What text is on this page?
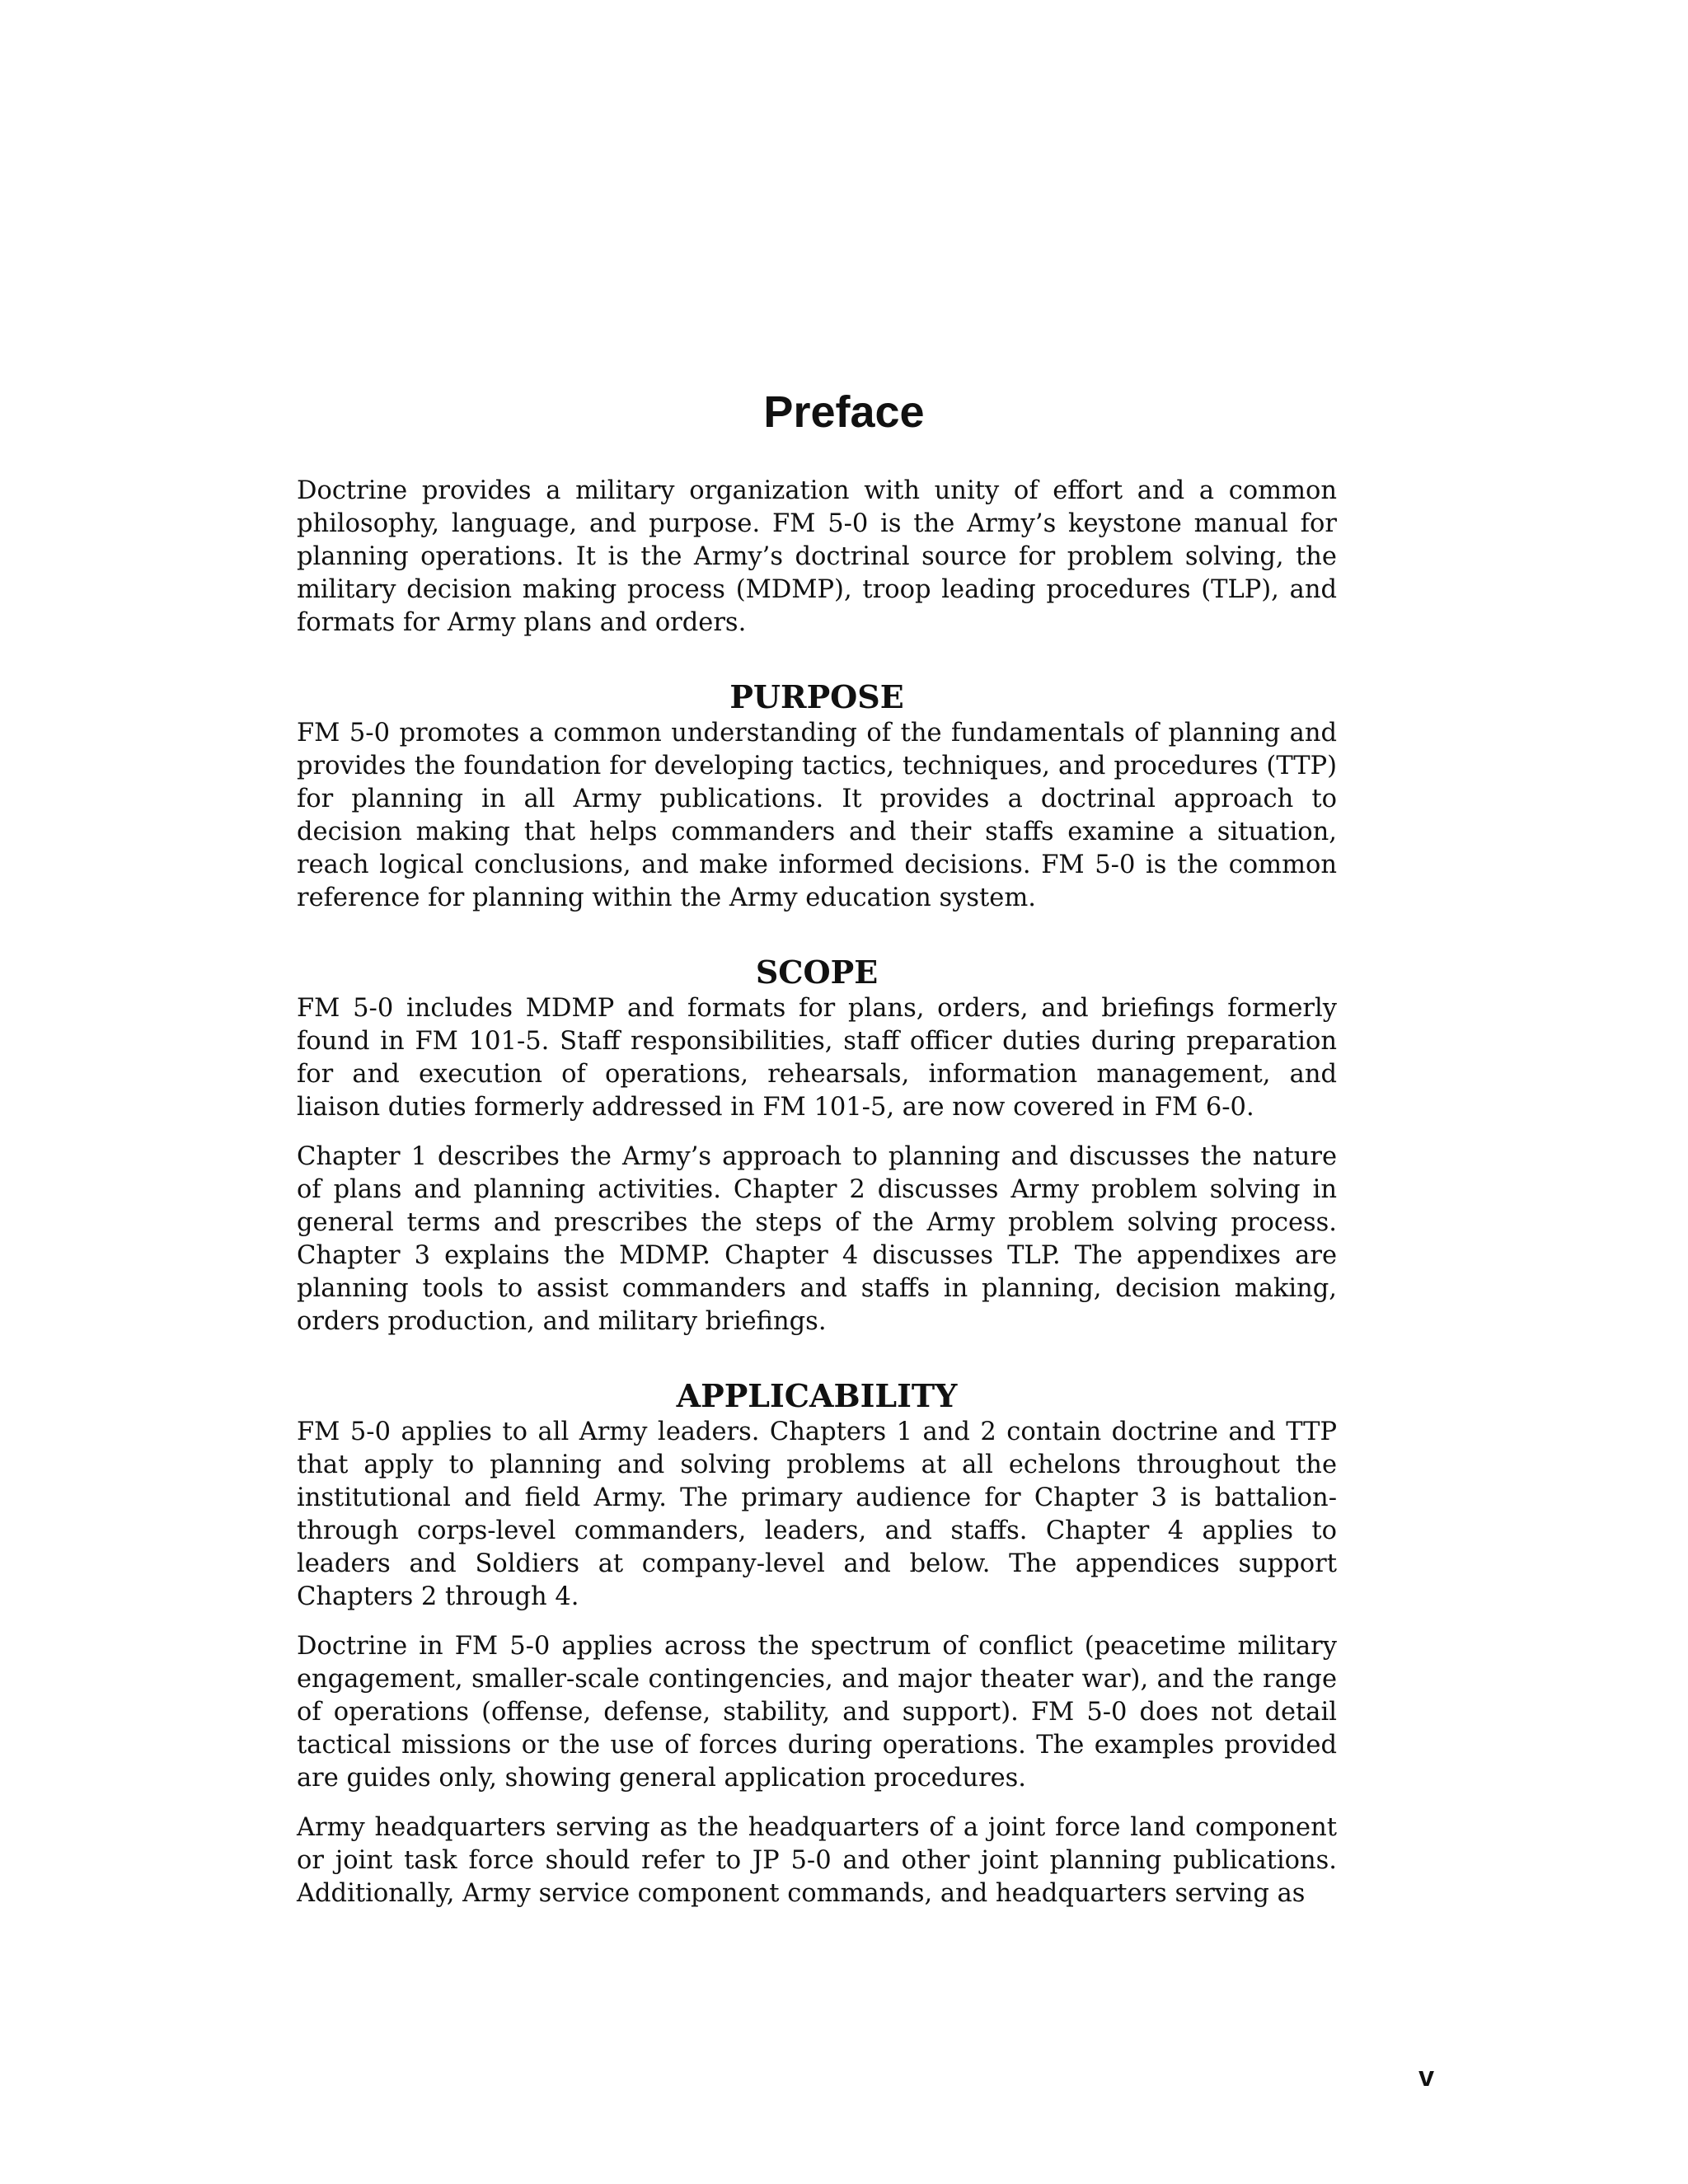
Preface

Doctrine provides a military organization with unity of effort and a common philosophy, language, and purpose. FM 5-0 is the Army’s keystone manual for planning operations. It is the Army’s doctrinal source for problem solving, the military decision making process (MDMP), troop leading procedures (TLP), and formats for Army plans and orders.

PURPOSE

FM 5-0 promotes a common understanding of the fundamentals of planning and provides the foundation for developing tactics, techniques, and procedures (TTP) for planning in all Army publications. It provides a doctrinal approach to decision making that helps commanders and their staffs examine a situation, reach logical conclusions, and make informed decisions. FM 5-0 is the common reference for planning within the Army education system.

SCOPE

FM 5-0 includes MDMP and formats for plans, orders, and briefings formerly found in FM 101-5. Staff responsibilities, staff officer duties during preparation for and execution of operations, rehearsals, information management, and liaison duties formerly addressed in FM 101-5, are now covered in FM 6-0.

Chapter 1 describes the Army’s approach to planning and discusses the nature of plans and planning activities. Chapter 2 discusses Army problem solving in general terms and prescribes the steps of the Army problem solving process. Chapter 3 explains the MDMP. Chapter 4 discusses TLP. The appendixes are planning tools to assist commanders and staffs in planning, decision making, orders production, and military briefings.

APPLICABILITY

FM 5-0 applies to all Army leaders. Chapters 1 and 2 contain doctrine and TTP that apply to planning and solving problems at all echelons throughout the institutional and field Army. The primary audience for Chapter 3 is battalion-through corps-level commanders, leaders, and staffs. Chapter 4 applies to leaders and Soldiers at company-level and below. The appendices support Chapters 2 through 4.

Doctrine in FM 5-0 applies across the spectrum of conflict (peacetime military engagement, smaller-scale contingencies, and major theater war), and the range of operations (offense, defense, stability, and support). FM 5-0 does not detail tactical missions or the use of forces during operations. The examples provided are guides only, showing general application procedures.

Army headquarters serving as the headquarters of a joint force land component or joint task force should refer to JP 5-0 and other joint planning publications. Additionally, Army service component commands, and headquarters serving as

v
